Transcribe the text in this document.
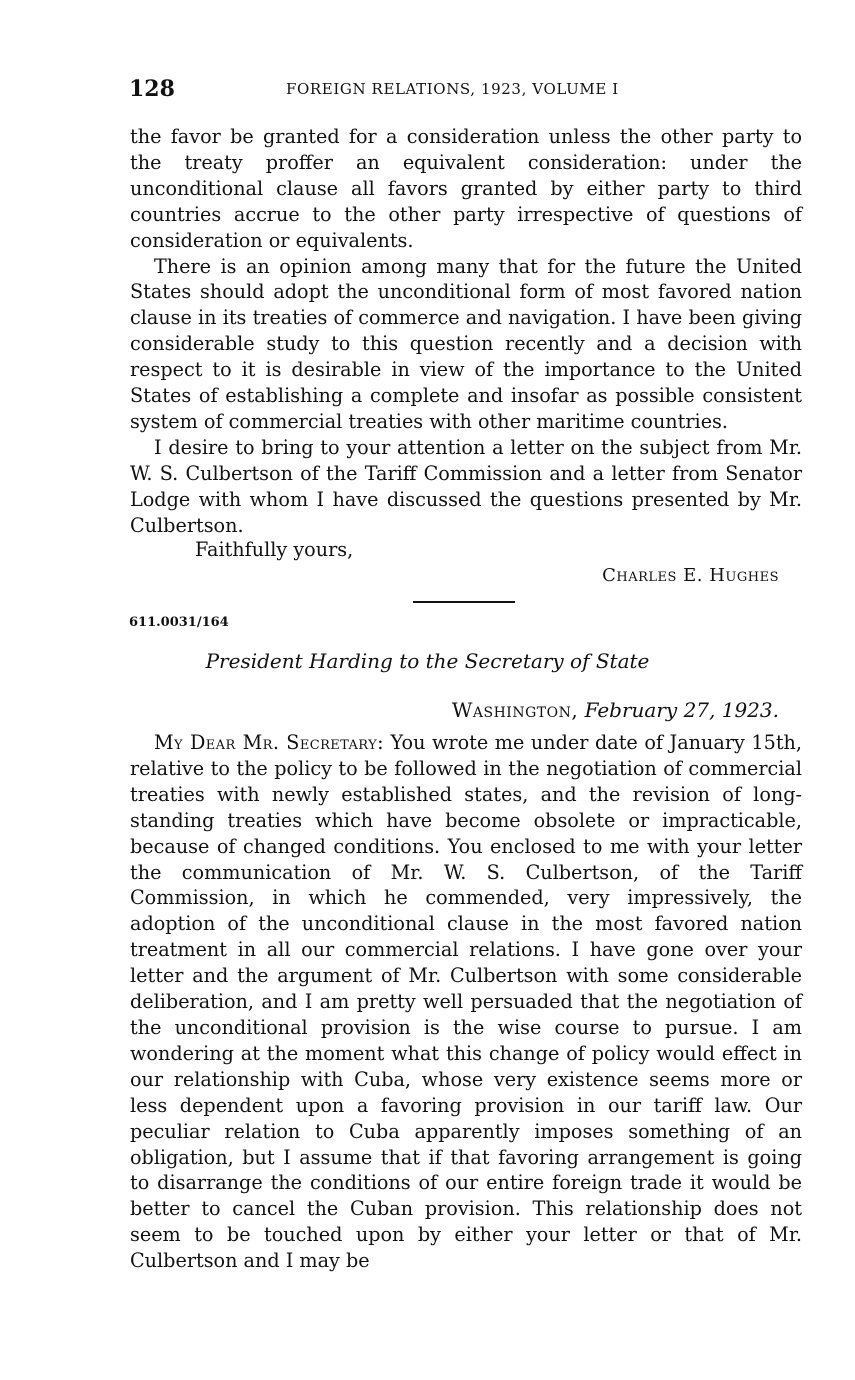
128	FOREIGN RELATIONS, 1923, VOLUME I

the favor be granted for a consideration unless the other party to the treaty proffer an equivalent consideration: under the unconditional clause all favors granted by either party to third countries accrue to the other party irrespective of questions of consideration or equivalents.

There is an opinion among many that for the future the United States should adopt the unconditional form of most favored nation clause in its treaties of commerce and navigation. I have been giving considerable study to this question recently and a decision with respect to it is desirable in view of the importance to the United States of establishing a complete and insofar as possible consistent system of commercial treaties with other maritime countries.

I desire to bring to your attention a letter on the subject from Mr. W. S. Culbertson of the Tariff Commission and a letter from Senator Lodge with whom I have discussed the questions presented by Mr. Culbertson.

Faithfully yours,
Charles E. Hughes
611.0031/164
President Harding to the Secretary of State
Washington, February 27, 1923.

My Dear Mr. Secretary: You wrote me under date of January 15th, relative to the policy to be followed in the negotiation of commercial treaties with newly established states, and the revision of long-standing treaties which have become obsolete or impracticable, because of changed conditions. You enclosed to me with your letter the communication of Mr. W. S. Culbertson, of the Tariff Commission, in which he commended, very impressively, the adoption of the unconditional clause in the most favored nation treatment in all our commercial relations. I have gone over your letter and the argument of Mr. Culbertson with some considerable deliberation, and I am pretty well persuaded that the negotiation of the unconditional provision is the wise course to pursue. I am wondering at the moment what this change of policy would effect in our relationship with Cuba, whose very existence seems more or less dependent upon a favoring provision in our tariff law. Our peculiar relation to Cuba apparently imposes something of an obligation, but I assume that if that favoring arrangement is going to disarrange the conditions of our entire foreign trade it would be better to cancel the Cuban provision. This relationship does not seem to be touched upon by either your letter or that of Mr. Culbertson and I may be
